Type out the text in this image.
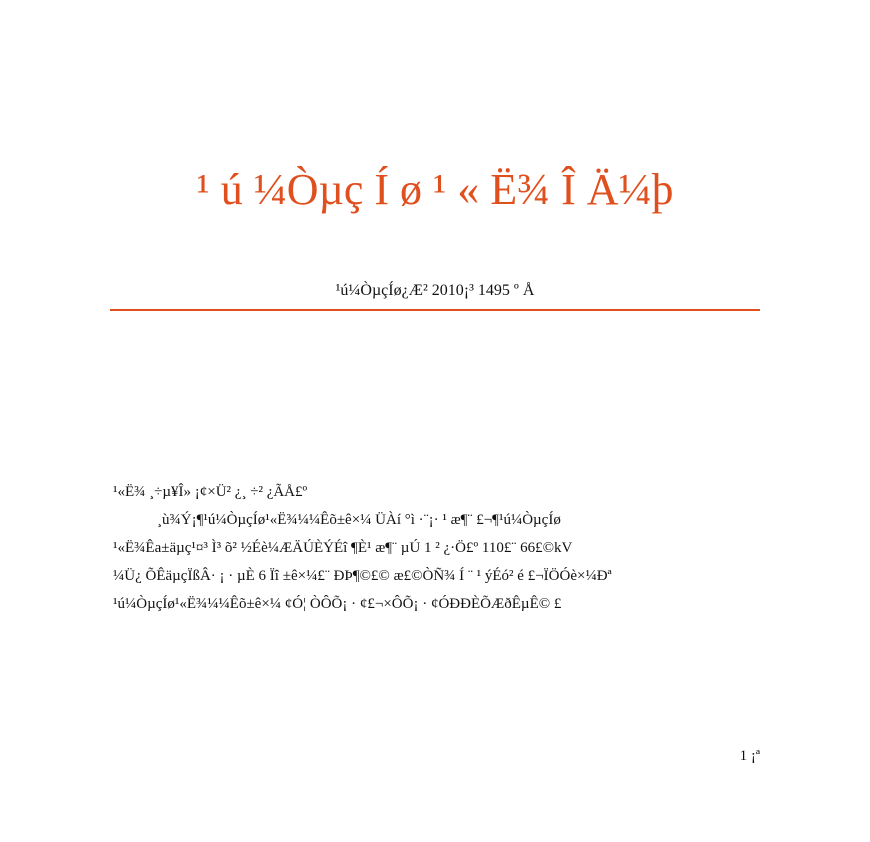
¹ ú ¼Òµç Í ø ¹ « Ë¾ Î Ä¼þ
¹ú¼ÒµçÍø¿Æ² 2010¡³ 1495 º Å
¹«Ë¾ ¸÷µ¥Î» ¡¢×Ü² ¿¸ ÷² ¿ÃÅ£º
¸ù¾Ý¡¶¹ú¼ÒµçÍø¹«Ë¾¼¼Êõ±ê×¼ ÜÀí °ì ·¨¡· ¹ æ¶¨ £¬¶¹ú¼ÒµçÍø
¹«Ë¾Êa±äµç¹¤³ Ì³ õ² ½Éè¼ÆÄÚÈÝÉî ¶È¹ æ¶¨ µÚ 1 ² ¿·Ö£º 110£¨ 66£©kV
¼Ü¿ ÕÊäµçÏßÂ· ¡ · µÈ 6 Ïî ±ê×¼£¨ ÐÞ¶©£© æ£©ÒÑ¾ Í ¨ ¹ ýÉó² é £¬ÏÖÓè×¼Ðª
¹ú¼ÒµçÍø¹«Ë¾¼¼Êõ±ê×¼ ¢Ó¦ ÒÔÕ¡ · ¢£¬×ÔÕ¡ · ¢ÓÐÐÈÕÆðÊµÊ© £
1 ¡ª
